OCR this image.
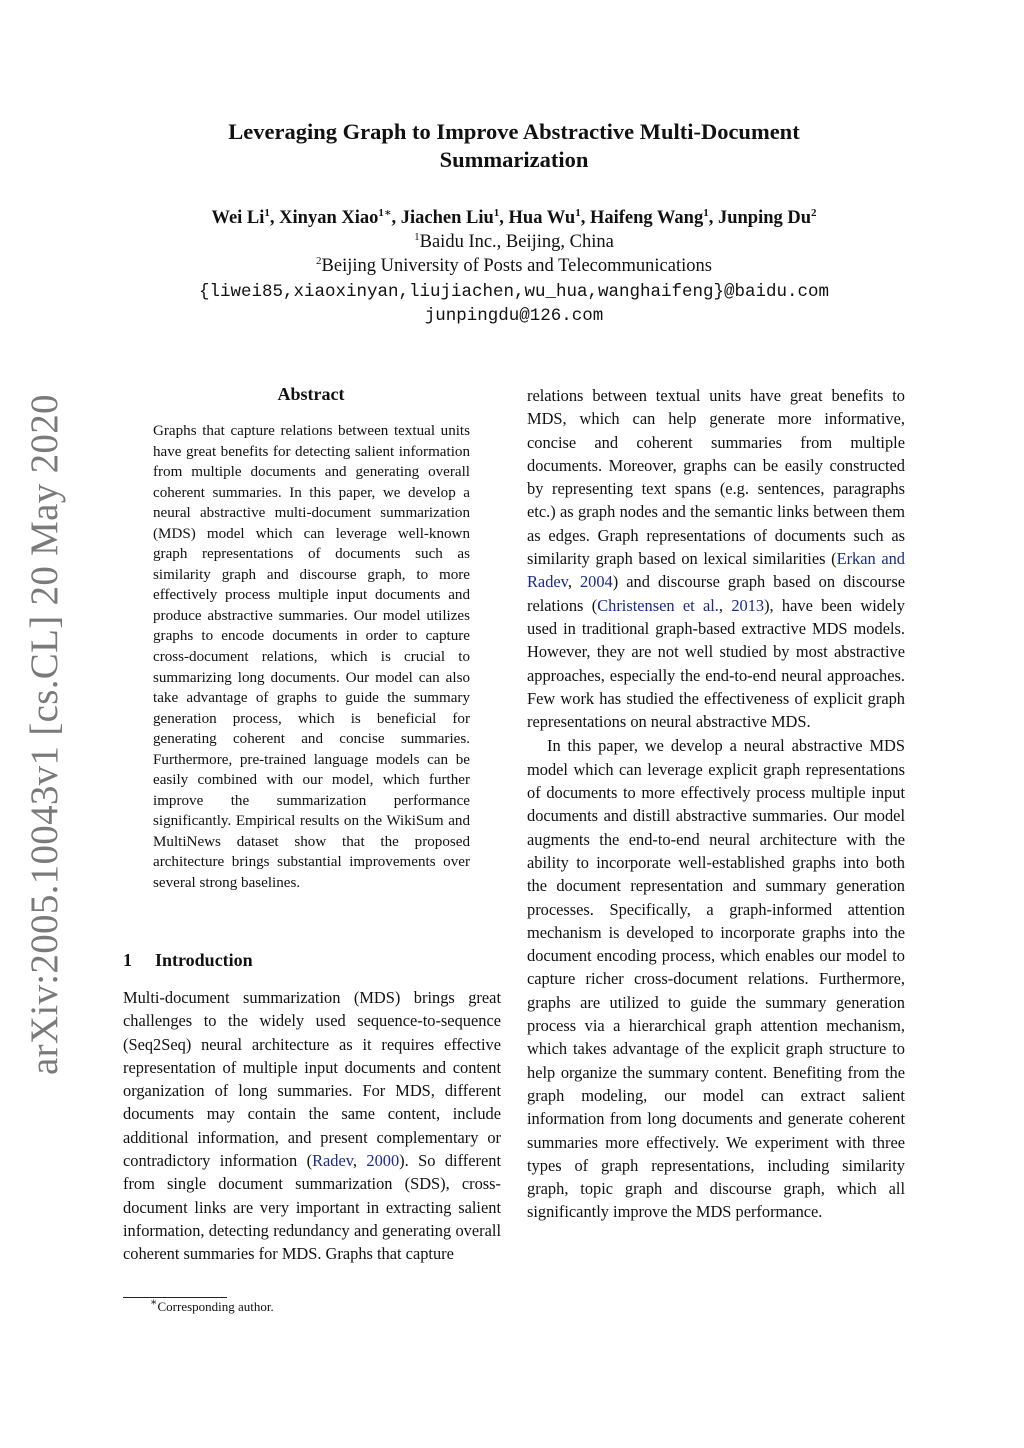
arXiv:2005.10043v1 [cs.CL] 20 May 2020
Leveraging Graph to Improve Abstractive Multi-Document
Summarization
Wei Li$^1$, Xinyan Xiao$^{1∗}$, Jiachen Liu$^1$, Hua Wu$^1$, Haifeng Wang$^1$, Junping Du$^2$
$^1$Baidu Inc., Beijing, China
$^2$Beijing University of Posts and Telecommunications
{liwei85,xiaoxinyan,liujiachen,wu_hua,wanghaifeng}@baidu.com
junpingdu@126.com
Abstract
Graphs that capture relations between textual units have great benefits for detecting salient information from multiple documents and generating overall coherent summaries. In this paper, we develop a neural abstractive multi-document summarization (MDS) model which can leverage well-known graph representations of documents such as similarity graph and discourse graph, to more effectively process multiple input documents and produce abstractive summaries. Our model utilizes graphs to encode documents in order to capture cross-document relations, which is crucial to summarizing long documents. Our model can also take advantage of graphs to guide the summary generation process, which is beneficial for generating coherent and concise summaries. Furthermore, pre-trained language models can be easily combined with our model, which further improve the summarization performance significantly. Empirical results on the WikiSum and MultiNews dataset show that the proposed architecture brings substantial improvements over several strong baselines.
1 Introduction

Multi-document summarization (MDS) brings great challenges to the widely used sequence-to-sequence (Seq2Seq) neural architecture as it requires effective representation of multiple input documents and content organization of long summaries. For MDS, different documents may contain the same content, include additional information, and present complementary or contradictory information (Radev, 2000). So different from single document summarization (SDS), cross-document links are very important in extracting salient information, detecting redundancy and generating overall coherent summaries for MDS. Graphs that capture

∗Corresponding author.

relations between textual units have great benefits to MDS, which can help generate more informative, concise and coherent summaries from multiple documents. Moreover, graphs can be easily constructed by representing text spans (e.g. sentences, paragraphs etc.) as graph nodes and the semantic links between them as edges. Graph representations of documents such as similarity graph based on lexical similarities (Erkan and Radev, 2004) and discourse graph based on discourse relations (Christensen et al., 2013), have been widely used in traditional graph-based extractive MDS models. However, they are not well studied by most abstractive approaches, especially the end-to-end neural approaches. Few work has studied the effectiveness of explicit graph representations on neural abstractive MDS.

In this paper, we develop a neural abstractive MDS model which can leverage explicit graph representations of documents to more effectively process multiple input documents and distill abstractive summaries. Our model augments the end-to-end neural architecture with the ability to incorporate well-established graphs into both the document representation and summary generation processes. Specifically, a graph-informed attention mechanism is developed to incorporate graphs into the document encoding process, which enables our model to capture richer cross-document relations. Furthermore, graphs are utilized to guide the summary generation process via a hierarchical graph attention mechanism, which takes advantage of the explicit graph structure to help organize the summary content. Benefiting from the graph modeling, our model can extract salient information from long documents and generate coherent summaries more effectively. We experiment with three types of graph representations, including similarity graph, topic graph and discourse graph, which all significantly improve the MDS performance.
